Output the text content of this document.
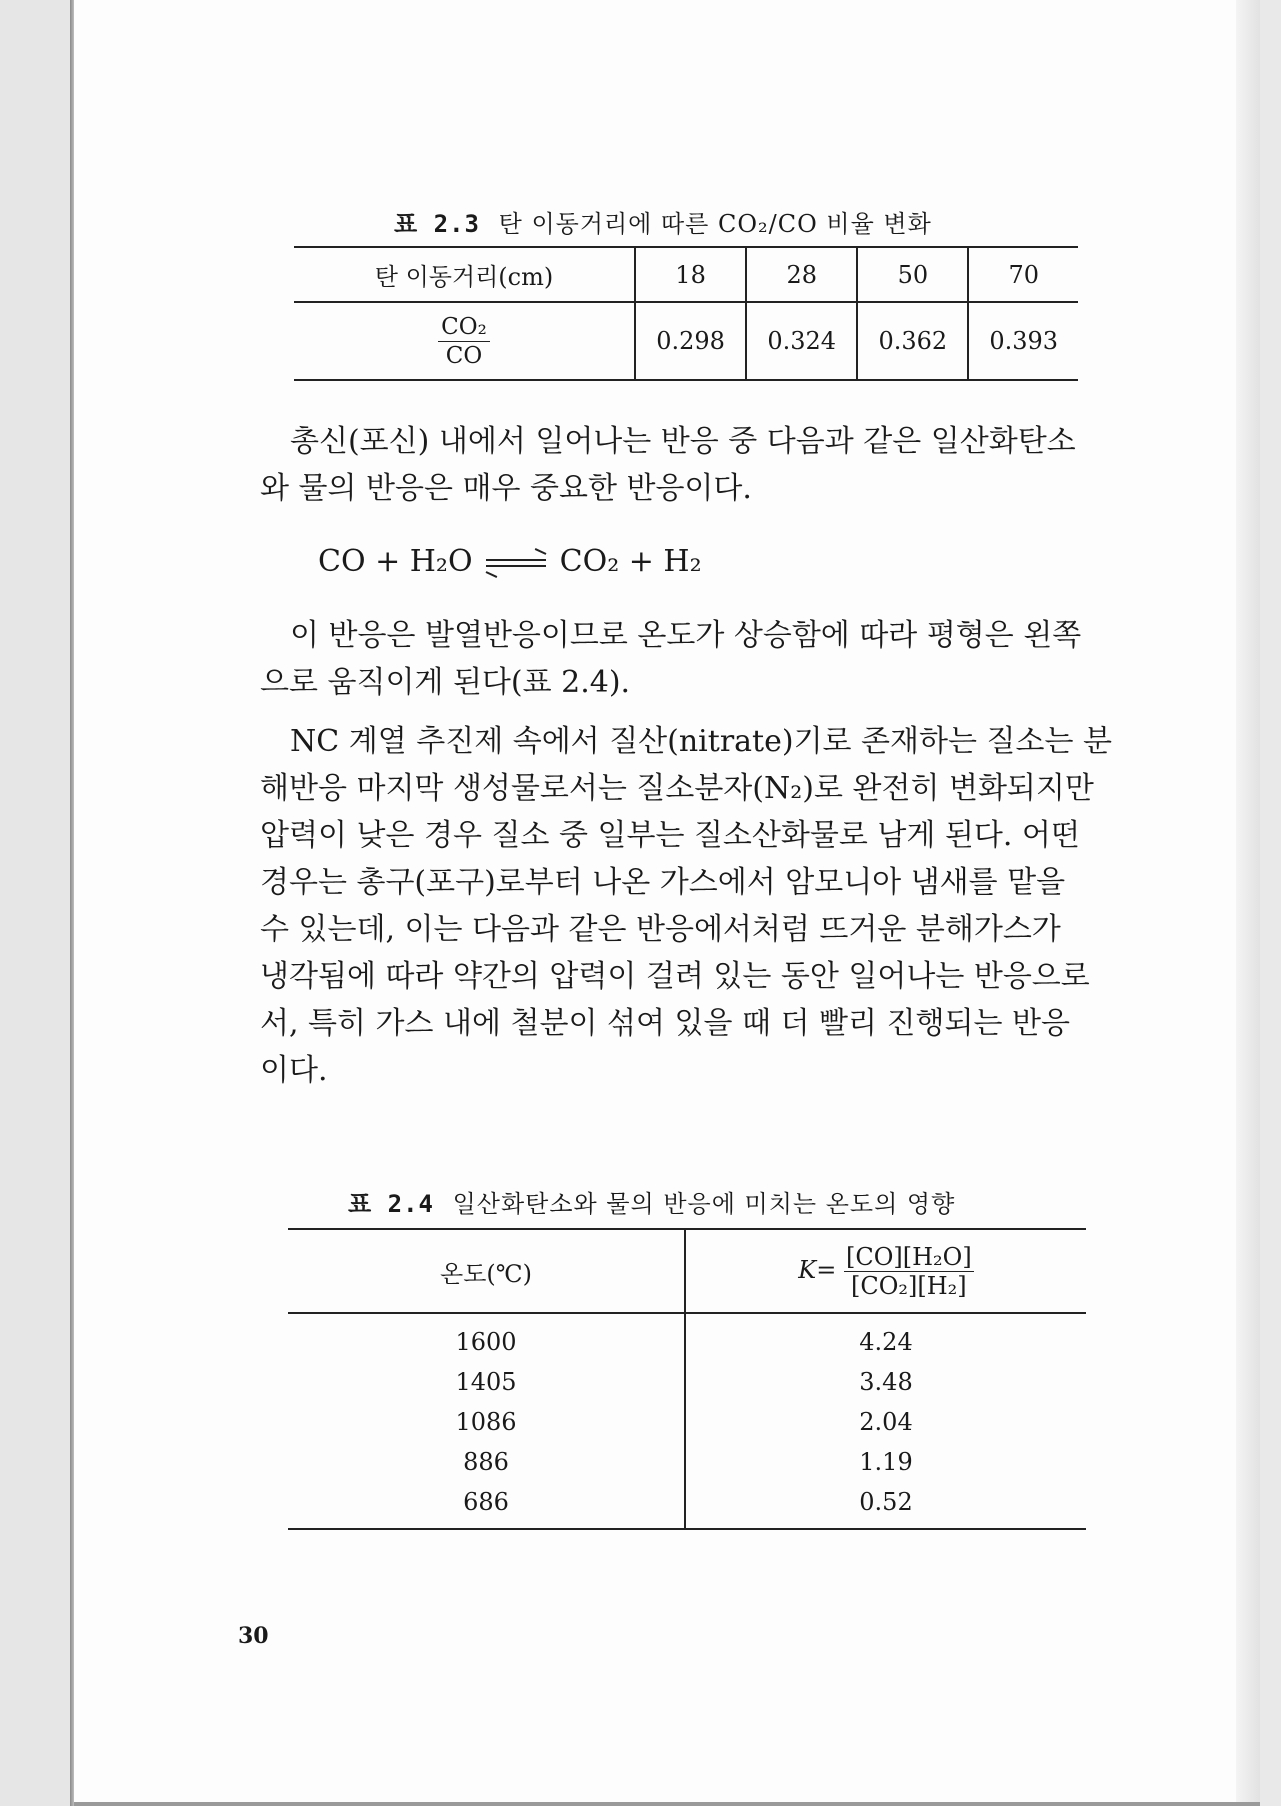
표 2.3 탄 이동거리에 따른 CO₂/CO 비율 변화
탄 이동거리(cm)	18	28	50	70

$\frac{\text{CO₂}}{CO}$	0.298	0.324	0.362	0.393
총신(포신) 내에서 일어나는 반응 중 다음과 같은 일산화탄소
와 물의 반응은 매우 중요한 반응이다.
CO + H₂O	CO₂ + H₂
이 반응은 발열반응이므로 온도가 상승함에 따라 평형은 왼쪽
으로 움직이게 된다(표 2.4).
NC 계열 추진제 속에서 질산(nitrate)기로 존재하는 질소는 분
해반응 마지막 생성물로서는 질소분자(N₂)로 완전히 변화되지만
압력이 낮은 경우 질소 중 일부는 질소산화물로 남게 된다. 어떤
경우는 총구(포구)로부터 나온 가스에서 암모니아 냄새를 맡을
수 있는데, 이는 다음과 같은 반응에서처럼 뜨거운 분해가스가
냉각됨에 따라 약간의 압력이 걸려 있는 동안 일어나는 반응으로
서, 특히 가스 내에 철분이 섞여 있을 때 더 빨리 진행되는 반응
이다.
표 2.4 일산화탄소와 물의 반응에 미치는 온도의 영향
온도(℃)	$K= \frac{\text{[CO][H₂O]}}{\text{[CO₂][H₂]}}$

1600	4.24
1405	3.48
1086	2.04
886	1.19
686	0.52
30
